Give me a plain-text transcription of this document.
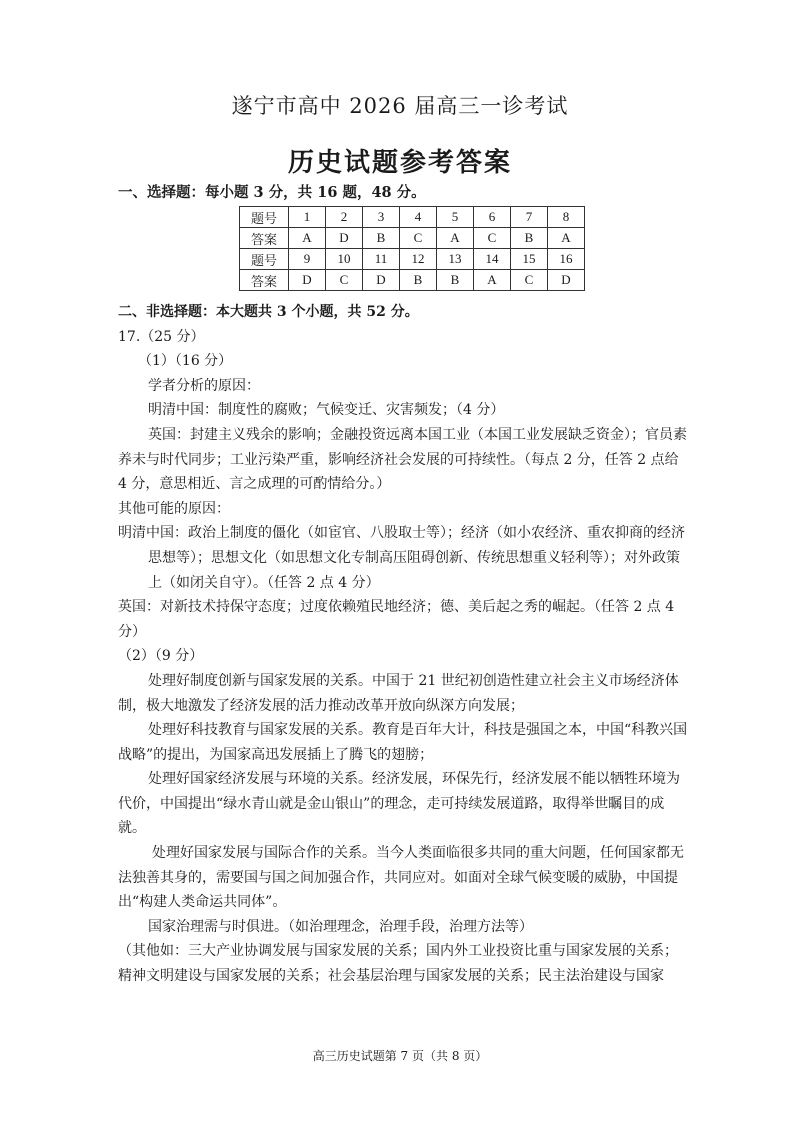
遂宁市高中 2026 届高三一诊考试
历史试题参考答案
一、选择题：每小题 3 分，共 16 题，48 分。
题号	1	2	3	4	5	6	7	8
答案	A	D	B	C	A	C	B	A
题号	9	10	11	12	13	14	15	16
答案	D	C	D	B	B	A	C	D

二、非选择题：本大题共 3 个小题，共 52 分。

17.（25 分）

（1）（16 分）

学者分析的原因：

明清中国：制度性的腐败；气候变迁、灾害频发；（4 分）

英国：封建主义残余的影响；金融投资远离本国工业（本国工业发展缺乏资金）；官员素养未与时代同步；工业污染严重，影响经济社会发展的可持续性。（每点 2 分，任答 2 点给 4 分，意思相近、言之成理的可酌情给分。）

其他可能的原因：

明清中国：政治上制度的僵化（如宦官、八股取士等）；经济（如小农经济、重农抑商的经济思想等）；思想文化（如思想文化专制高压阻碍创新、传统思想重义轻利等）；对外政策上（如闭关自守）。（任答 2 点 4 分）

英国：对新技术持保守态度；过度依赖殖民地经济；德、美后起之秀的崛起。（任答 2 点 4 分）

（2）（9 分）

处理好制度创新与国家发展的关系。中国于 21 世纪初创造性建立社会主义市场经济体制，极大地激发了经济发展的活力推动改革开放向纵深方向发展；

处理好科技教育与国家发展的关系。教育是百年大计，科技是强国之本，中国“科教兴国战略”的提出，为国家高迅发展插上了腾飞的翅膀；

处理好国家经济发展与环境的关系。经济发展，环保先行，经济发展不能以牺牲环境为代价，中国提出“绿水青山就是金山银山”的理念，走可持续发展道路，取得举世瞩目的成就。

处理好国家发展与国际合作的关系。当今人类面临很多共同的重大问题，任何国家都无法独善其身的，需要国与国之间加强合作，共同应对。如面对全球气候变暖的威胁，中国提出“构建人类命运共同体”。

国家治理需与时俱进。（如治理理念，治理手段，治理方法等）

（其他如：三大产业协调发展与国家发展的关系；国内外工业投资比重与国家发展的关系；精神文明建设与国家发展的关系；社会基层治理与国家发展的关系；民主法治建设与国家

高三历史试题第 7 页（共 8 页）
